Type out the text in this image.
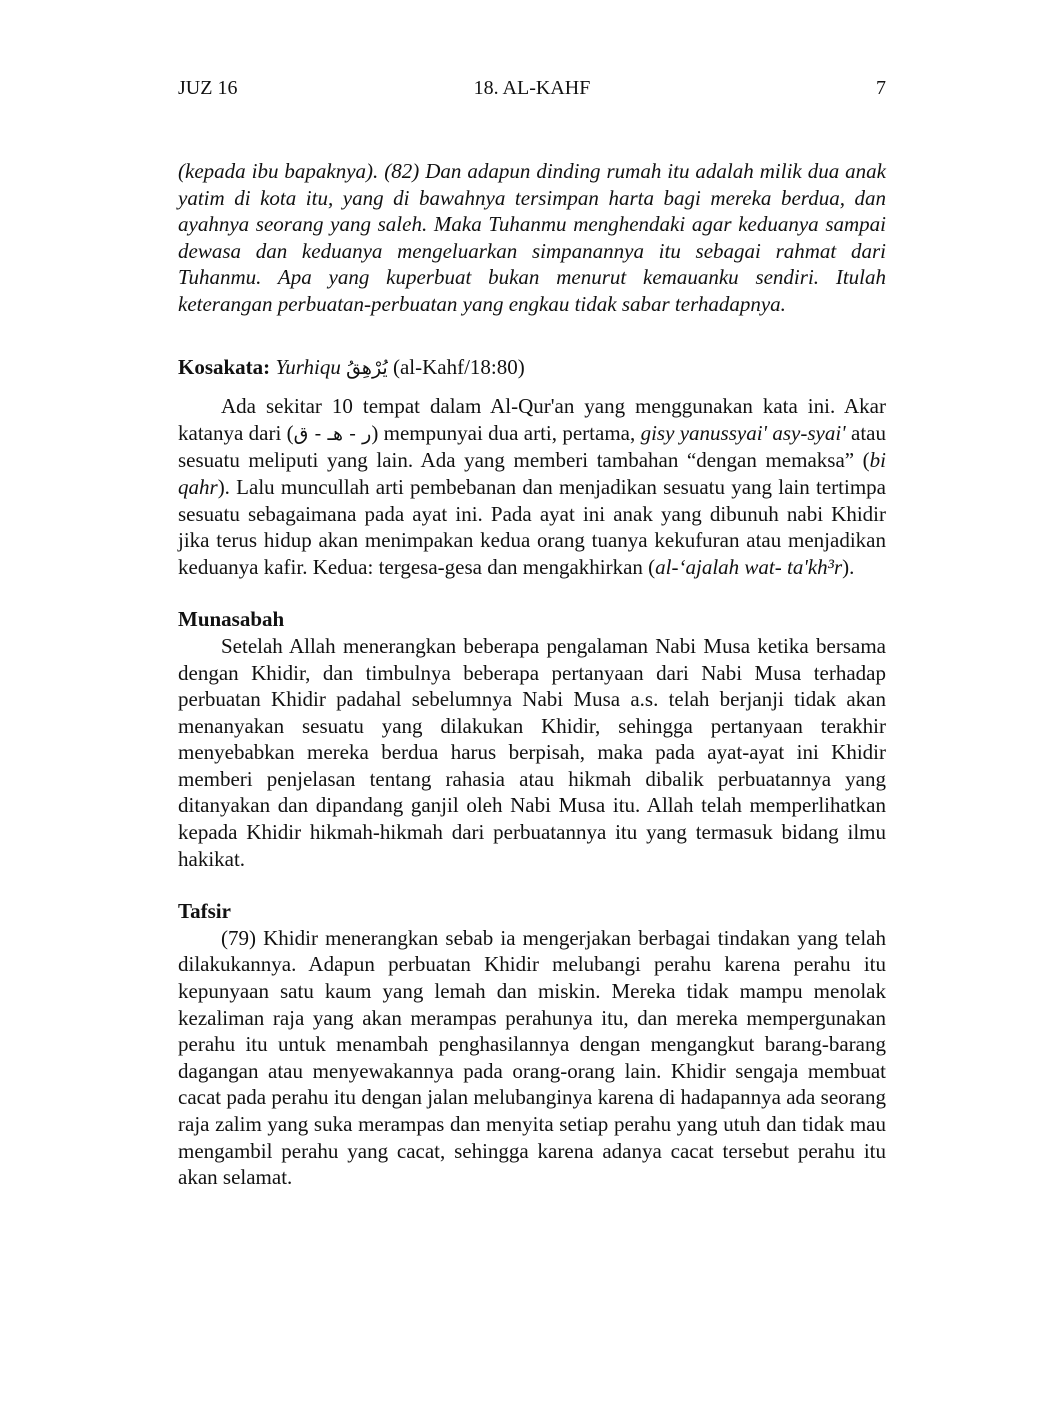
JUZ 16	18. AL-KAHF	7

(kepada ibu bapaknya). (82) Dan adapun dinding rumah itu adalah milik dua anak yatim di kota itu, yang di bawahnya tersimpan harta bagi mereka berdua, dan ayahnya seorang yang saleh. Maka Tuhanmu menghendaki agar keduanya sampai dewasa dan keduanya mengeluarkan simpanannya itu sebagai rahmat dari Tuhanmu. Apa yang kuperbuat bukan menurut kemauanku sendiri. Itulah keterangan perbuatan-perbuatan yang engkau tidak sabar terhadapnya.

Kosakata: Yurhiqu يُرْهِقُ (al-Kahf/18:80)

Ada sekitar 10 tempat dalam Al-Qur'an yang menggunakan kata ini. Akar katanya dari (ر - هـ - ق) mempunyai dua arti, pertama, gisy yanussyai' asy-syai' atau sesuatu meliputi yang lain. Ada yang memberi tambahan “dengan memaksa” (bi qahr). Lalu muncullah arti pembebanan dan menjadikan sesuatu yang lain tertimpa sesuatu sebagaimana pada ayat ini. Pada ayat ini anak yang dibunuh nabi Khidir jika terus hidup akan menimpakan kedua orang tuanya kekufuran atau menjadikan keduanya kafir. Kedua: tergesa-gesa dan mengakhirkan (al-‘ajalah wat- ta'kh³r).

Munasabah

Setelah Allah menerangkan beberapa pengalaman Nabi Musa ketika bersama dengan Khidir, dan timbulnya beberapa pertanyaan dari Nabi Musa terhadap perbuatan Khidir padahal sebelumnya Nabi Musa a.s. telah berjanji tidak akan menanyakan sesuatu yang dilakukan Khidir, sehingga pertanyaan terakhir menyebabkan mereka berdua harus berpisah, maka pada ayat-ayat ini Khidir memberi penjelasan tentang rahasia atau hikmah dibalik perbuatannya yang ditanyakan dan dipandang ganjil oleh Nabi Musa itu. Allah telah memperlihatkan kepada Khidir hikmah-hikmah dari perbuatannya itu yang termasuk bidang ilmu hakikat.

Tafsir

(79) Khidir menerangkan sebab ia mengerjakan berbagai tindakan yang telah dilakukannya. Adapun perbuatan Khidir melubangi perahu karena perahu itu kepunyaan satu kaum yang lemah dan miskin. Mereka tidak mampu menolak kezaliman raja yang akan merampas perahunya itu, dan mereka mempergunakan perahu itu untuk menambah penghasilannya dengan mengangkut barang-barang dagangan atau menyewakannya pada orang-orang lain. Khidir sengaja membuat cacat pada perahu itu dengan jalan melubanginya karena di hadapannya ada seorang raja zalim yang suka merampas dan menyita setiap perahu yang utuh dan tidak mau mengambil perahu yang cacat, sehingga karena adanya cacat tersebut perahu itu akan selamat.
